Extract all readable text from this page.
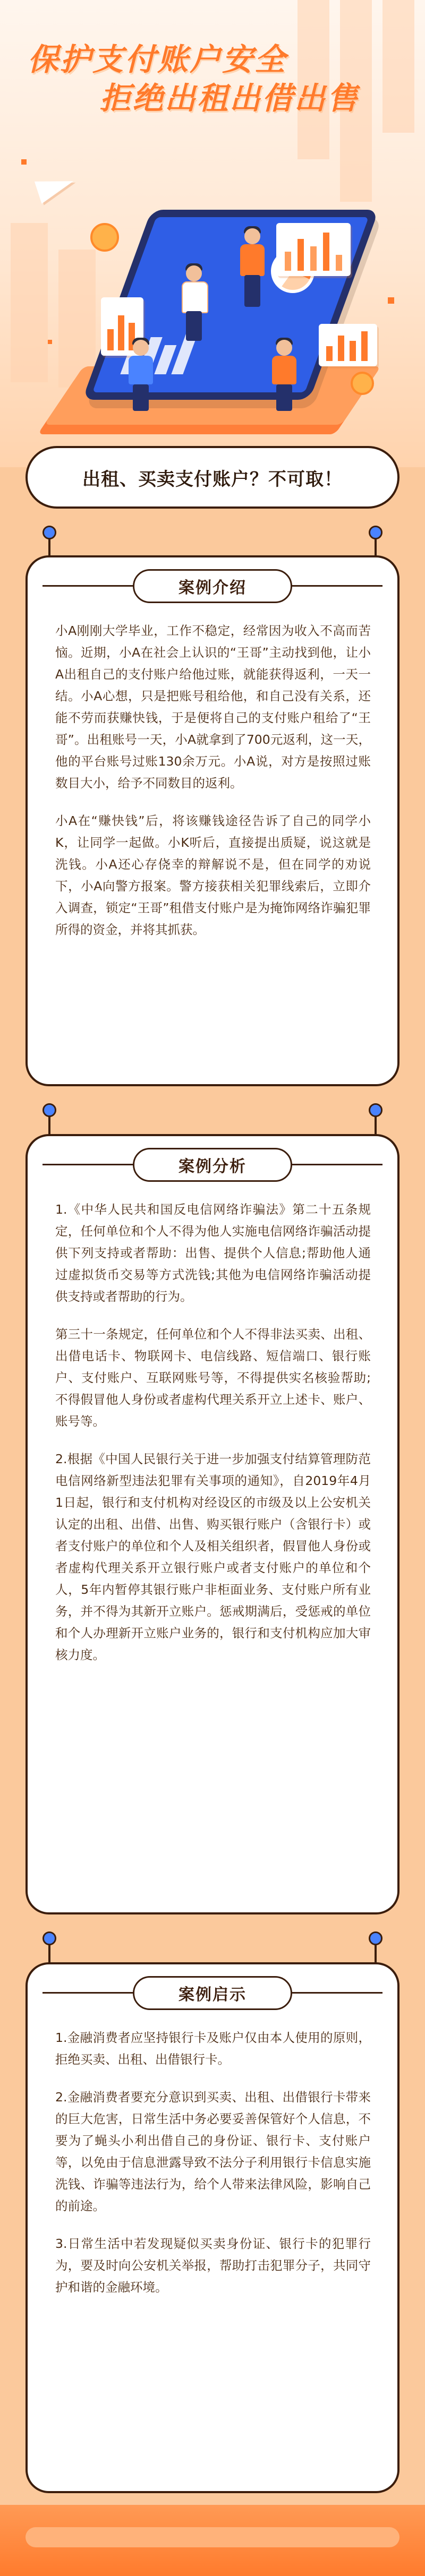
保护支付账户安全
拒绝出租出借出售
出租、买卖支付账户？不可取！
案例介绍

小A刚刚大学毕业，工作不稳定，经常因为收入不高而苦恼。近期，小A在社会上认识的“王哥”主动找到他，让小A出租自己的支付账户给他过账，就能获得返利，一天一结。小A心想，只是把账号租给他，和自己没有关系，还能不劳而获赚快钱，于是便将自己的支付账户租给了“王哥”。出租账号一天，小A就拿到了700元返利，这一天，他的平台账号过账130余万元。小A说，对方是按照过账数目大小，给予不同数目的返利。

小A在“赚快钱”后，将该赚钱途径告诉了自己的同学小K，让同学一起做。小K听后，直接提出质疑，说这就是洗钱。小A还心存侥幸的辩解说不是，但在同学的劝说下，小A向警方报案。警方接获相关犯罪线索后，立即介入调查，锁定“王哥”租借支付账户是为掩饰网络诈骗犯罪所得的资金，并将其抓获。

案例分析

1.《中华人民共和国反电信网络诈骗法》第二十五条规定，任何单位和个人不得为他人实施电信网络诈骗活动提供下列支持或者帮助：出售、提供个人信息;帮助他人通过虚拟货币交易等方式洗钱;其他为电信网络诈骗活动提供支持或者帮助的行为。

第三十一条规定，任何单位和个人不得非法买卖、出租、出借电话卡、物联网卡、电信线路、短信端口、银行账户、支付账户、互联网账号等，不得提供实名核验帮助;不得假冒他人身份或者虚构代理关系开立上述卡、账户、账号等。

2.根据《中国人民银行关于进一步加强支付结算管理防范电信网络新型违法犯罪有关事项的通知》，自2019年4月1日起，银行和支付机构对经设区的市级及以上公安机关认定的出租、出借、出售、购买银行账户（含银行卡）或者支付账户的单位和个人及相关组织者，假冒他人身份或者虚构代理关系开立银行账户或者支付账户的单位和个人，5年内暂停其银行账户非柜面业务、支付账户所有业务，并不得为其新开立账户。惩戒期满后，受惩戒的单位和个人办理新开立账户业务的，银行和支付机构应加大审核力度。

案例启示

1.金融消费者应坚持银行卡及账户仅由本人使用的原则，拒绝买卖、出租、出借银行卡。

2.金融消费者要充分意识到买卖、出租、出借银行卡带来的巨大危害，日常生活中务必要妥善保管好个人信息，不要为了蝇头小利出借自己的身份证、银行卡、支付账户等，以免由于信息泄露导致不法分子利用银行卡信息实施洗钱、诈骗等违法行为，给个人带来法律风险，影响自己的前途。

3.日常生活中若发现疑似买卖身份证、银行卡的犯罪行为，要及时向公安机关举报，帮助打击犯罪分子，共同守护和谐的金融环境。
